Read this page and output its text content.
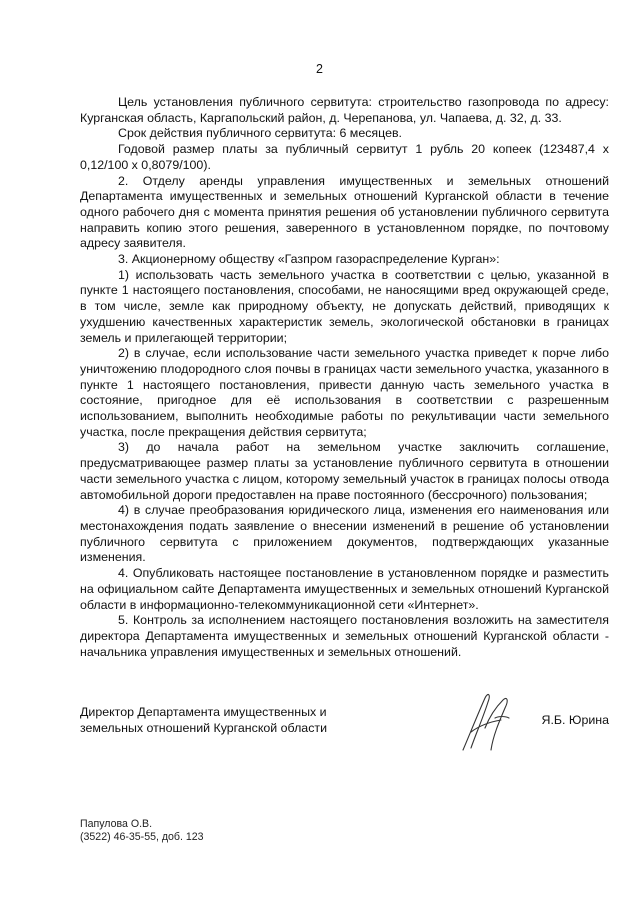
2

Цель установления публичного сервитута: строительство газопровода по адресу: Курганская область, Каргапольский район, д. Черепанова, ул. Чапаева, д. 32, д. 33.

Срок действия публичного сервитута: 6 месяцев.

Годовой размер платы за публичный сервитут 1 рубль 20 копеек (123487,4 х 0,12/100 х 0,8079/100).

2. Отделу аренды управления имущественных и земельных отношений Департамента имущественных и земельных отношений Курганской области в течение одного рабочего дня с момента принятия решения об установлении публичного сервитута направить копию этого решения, заверенного в установленном порядке, по почтовому адресу заявителя.

3. Акционерному обществу «Газпром газораспределение Курган»:

1) использовать часть земельного участка в соответствии с целью, указанной в пункте 1 настоящего постановления, способами, не наносящими вред окружающей среде, в том числе, земле как природному объекту, не допускать действий, приводящих к ухудшению качественных характеристик земель, экологической обстановки в границах земель и прилегающей территории;

2) в случае, если использование части земельного участка приведет к порче либо уничтожению плодородного слоя почвы в границах части земельного участка, указанного в пункте 1 настоящего постановления, привести данную часть земельного участка в состояние, пригодное для её использования в соответствии с разрешенным использованием, выполнить необходимые работы по рекультивации части земельного участка, после прекращения действия сервитута;

3) до начала работ на земельном участке заключить соглашение, предусматривающее размер платы за установление публичного сервитута в отношении части земельного участка с лицом, которому земельный участок в границах полосы отвода автомобильной дороги предоставлен на праве постоянного (бессрочного) пользования;

4) в случае преобразования юридического лица, изменения его наименования или местонахождения подать заявление о внесении изменений в решение об установлении публичного сервитута с приложением документов, подтверждающих указанные изменения.

4. Опубликовать настоящее постановление в установленном порядке и разместить на официальном сайте Департамента имущественных и земельных отношений Курганской области в информационно-телекоммуникационной сети «Интернет».

5. Контроль за исполнением настоящего постановления возложить на заместителя директора Департамента имущественных и земельных отношений Курганской области - начальника управления имущественных и земельных отношений.

Директор Департамента имущественных и земельных отношений Курганской области
Я.Б. Юрина
Папулова О.В.
(3522) 46-35-55, доб. 123
